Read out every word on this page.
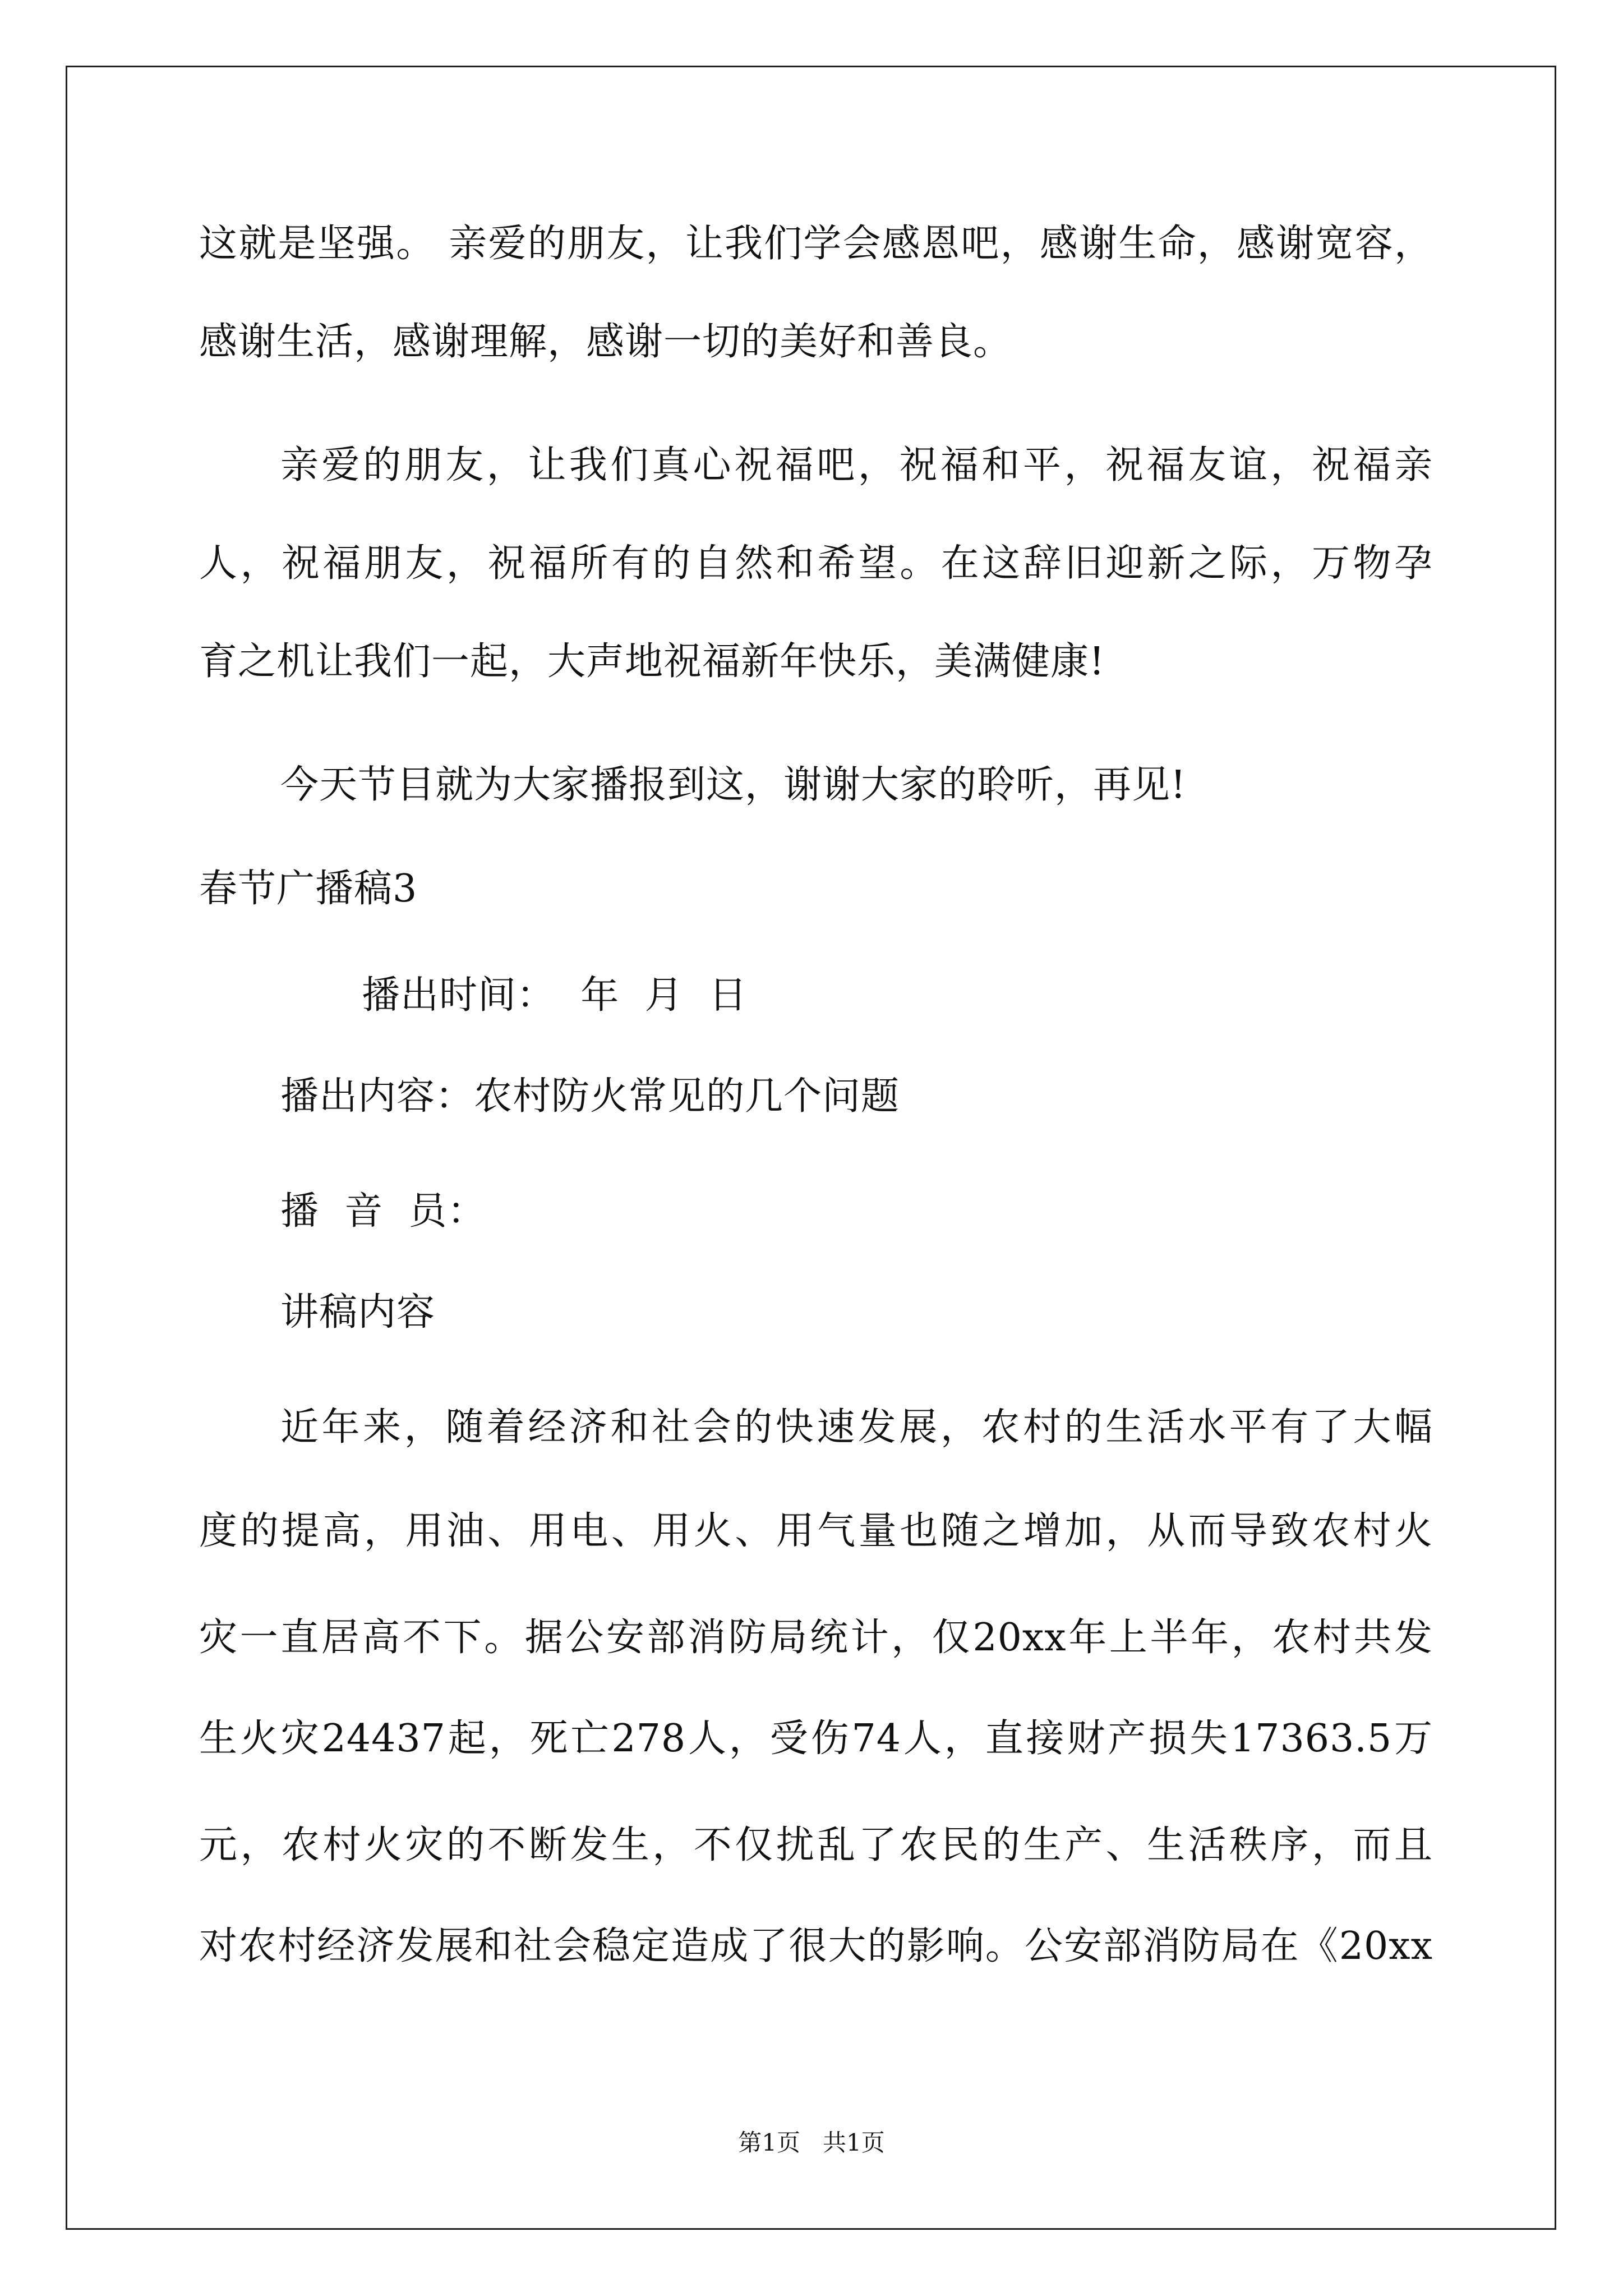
这就是坚强。 亲爱的朋友，让我们学会感恩吧，感谢生命，感谢宽容，
感谢生活，感谢理解，感谢一切的美好和善良。
亲爱的朋友，让我们真心祝福吧，祝福和平，祝福友谊，祝福亲
人，祝福朋友，祝福所有的自然和希望。在这辞旧迎新之际，万物孕
育之机让我们一起，大声地祝福新年快乐，美满健康!
今天节目就为大家播报到这，谢谢大家的聆听，再见!
春节广播稿3
播出时间：  年  月  日
播出内容：农村防火常见的几个问题
播  音  员：
讲稿内容
近年来，随着经济和社会的快速发展，农村的生活水平有了大幅
度的提高，用油、用电、用火、用气量也随之增加，从而导致农村火
灾一直居高不下。据公安部消防局统计，仅20xx年上半年，农村共发
生火灾24437起，死亡278人，受伤74人，直接财产损失17363.5万
元，农村火灾的不断发生，不仅扰乱了农民的生产、生活秩序，而且
对农村经济发展和社会稳定造成了很大的影响。公安部消防局在《20xx
第1页   共1页
